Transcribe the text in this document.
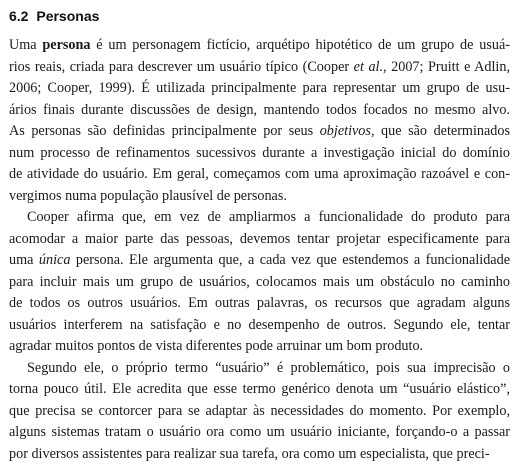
6.2 Personas
Uma persona é um personagem fictício, arquétipo hipotético de um grupo de usuá-
rios reais, criada para descrever um usuário típico (Cooper et al., 2007; Pruitt e Adlin,
2006; Cooper, 1999). É utilizada principalmente para representar um grupo de usu-
ários finais durante discussões de design, mantendo todos focados no mesmo alvo.
As personas são definidas principalmente por seus objetivos, que são determinados
num processo de refinamentos sucessivos durante a investigação inicial do domínio
de atividade do usuário. Em geral, começamos com uma aproximação razoável e con-
vergimos numa população plausível de personas.
Cooper afirma que, em vez de ampliarmos a funcionalidade do produto para
acomodar a maior parte das pessoas, devemos tentar projetar especificamente para
uma única persona. Ele argumenta que, a cada vez que estendemos a funcionalidade
para incluir mais um grupo de usuários, colocamos mais um obstáculo no caminho
de todos os outros usuários. Em outras palavras, os recursos que agradam alguns
usuários interferem na satisfação e no desempenho de outros. Segundo ele, tentar
agradar muitos pontos de vista diferentes pode arruinar um bom produto.
Segundo ele, o próprio termo “usuário” é problemático, pois sua imprecisão o
torna pouco útil. Ele acredita que esse termo genérico denota um “usuário elástico”,
que precisa se contorcer para se adaptar às necessidades do momento. Por exemplo,
alguns sistemas tratam o usuário ora como um usuário iniciante, forçando-o a passar
por diversos assistentes para realizar sua tarefa, ora como um especialista, que preci-
